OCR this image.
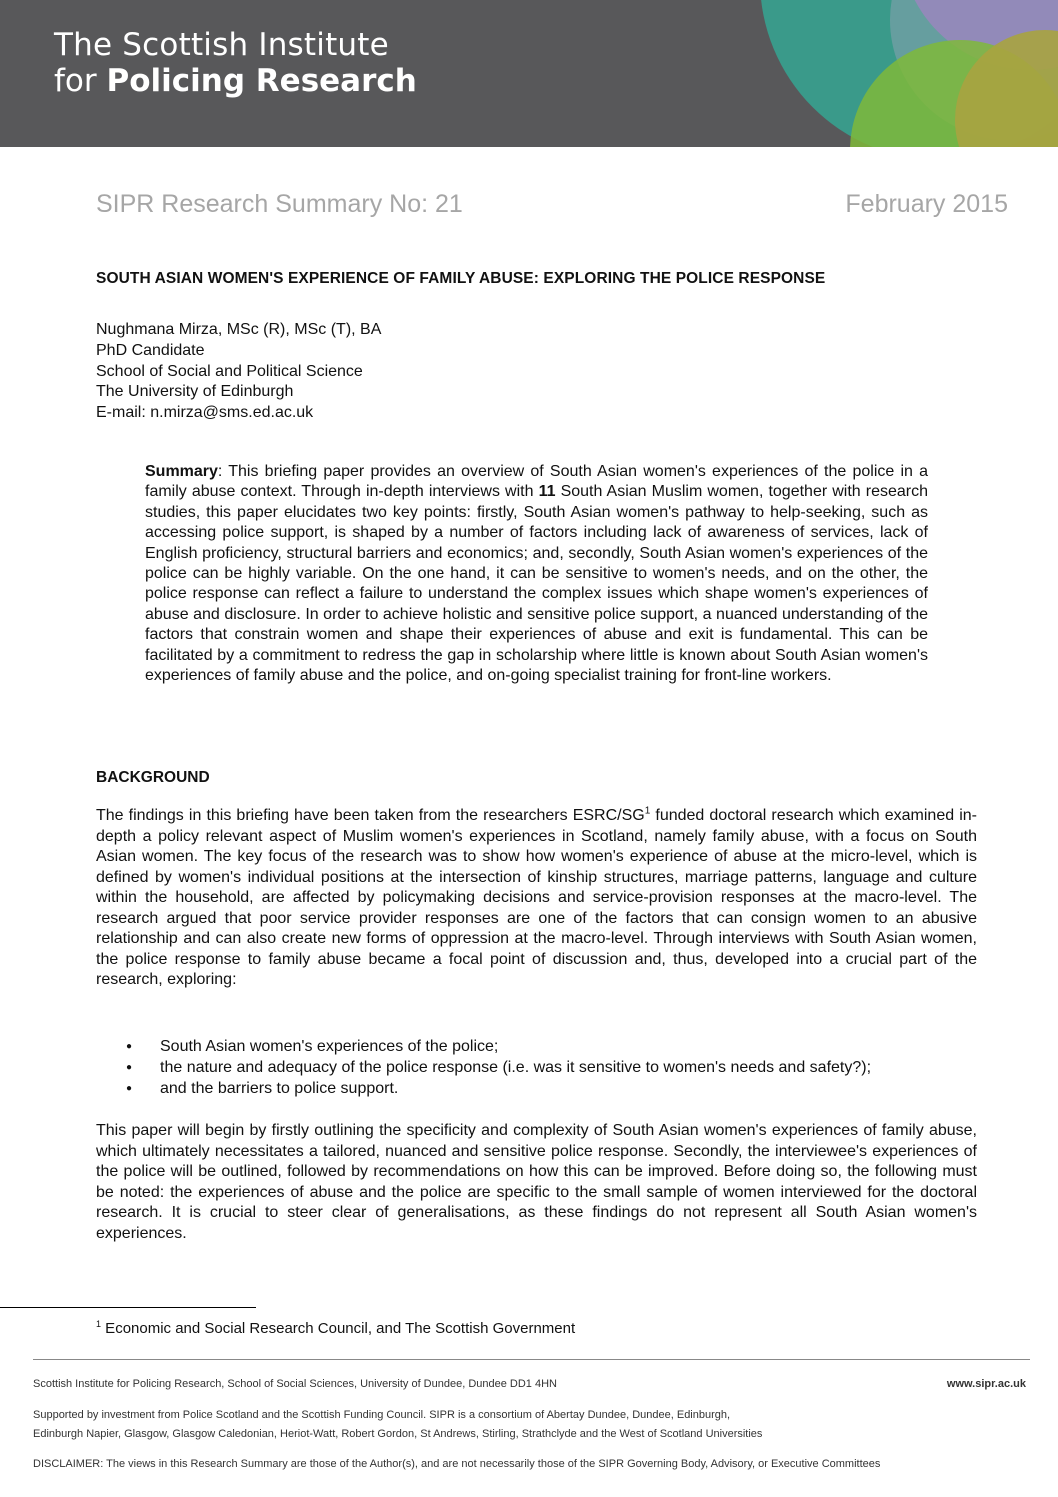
The Scottish Institute
for Policing Research
SIPR Research Summary No: 21	February 2015
SOUTH ASIAN WOMEN'S EXPERIENCE OF FAMILY ABUSE: EXPLORING THE POLICE RESPONSE
Nughmana Mirza, MSc (R), MSc (T), BA
PhD Candidate
School of Social and Political Science
The University of Edinburgh
E-mail: n.mirza@sms.ed.ac.uk
Summary: This briefing paper provides an overview of South Asian women's experiences of the police in a family abuse context. Through in-depth interviews with 11 South Asian Muslim women, together with research studies, this paper elucidates two key points: firstly, South Asian women's pathway to help-seeking, such as accessing police support, is shaped by a number of factors including lack of awareness of services, lack of English proficiency, structural barriers and economics; and, secondly, South Asian women's experiences of the police can be highly variable. On the one hand, it can be sensitive to women's needs, and on the other, the police response can reflect a failure to understand the complex issues which shape women's experiences of abuse and disclosure. In order to achieve holistic and sensitive police support, a nuanced understanding of the factors that constrain women and shape their experiences of abuse and exit is fundamental. This can be facilitated by a commitment to redress the gap in scholarship where little is known about South Asian women's experiences of family abuse and the police, and on-going specialist training for front-line workers.
BACKGROUND
The findings in this briefing have been taken from the researchers ESRC/$SG^1$ funded doctoral research which examined in-depth a policy relevant aspect of Muslim women's experiences in Scotland, namely family abuse, with a focus on South Asian women. The key focus of the research was to show how women's experience of abuse at the micro-level, which is defined by women's individual positions at the intersection of kinship structures, marriage patterns, language and culture within the household, are affected by policymaking decisions and service-provision responses at the macro-level. The research argued that poor service provider responses are one of the factors that can consign women to an abusive relationship and can also create new forms of oppression at the macro-level. Through interviews with South Asian women, the police response to family abuse became a focal point of discussion and, thus, developed into a crucial part of the research, exploring:
● South Asian women's experiences of the police;
● the nature and adequacy of the police response (i.e. was it sensitive to women's needs and safety?);
● and the barriers to police support.
This paper will begin by firstly outlining the specificity and complexity of South Asian women's experiences of family abuse, which ultimately necessitates a tailored, nuanced and sensitive police response. Secondly, the interviewee's experiences of the police will be outlined, followed by recommendations on how this can be improved. Before doing so, the following must be noted: the experiences of abuse and the police are specific to the small sample of women interviewed for the doctoral research. It is crucial to steer clear of generalisations, as these findings do not represent all South Asian women's experiences.
$^1$ Economic and Social Research Council, and The Scottish Government
Scottish Institute for Policing Research, School of Social Sciences, University of Dundee, Dundee DD1 4HN	www.sipr.ac.uk
Supported by investment from Police Scotland and the Scottish Funding Council. SIPR is a consortium of Abertay Dundee, Dundee, Edinburgh,
Edinburgh Napier, Glasgow, Glasgow Caledonian, Heriot-Watt, Robert Gordon, St Andrews, Stirling, Strathclyde and the West of Scotland Universities
DISCLAIMER: The views in this Research Summary are those of the Author(s), and are not necessarily those of the SIPR Governing Body, Advisory, or Executive Committees
